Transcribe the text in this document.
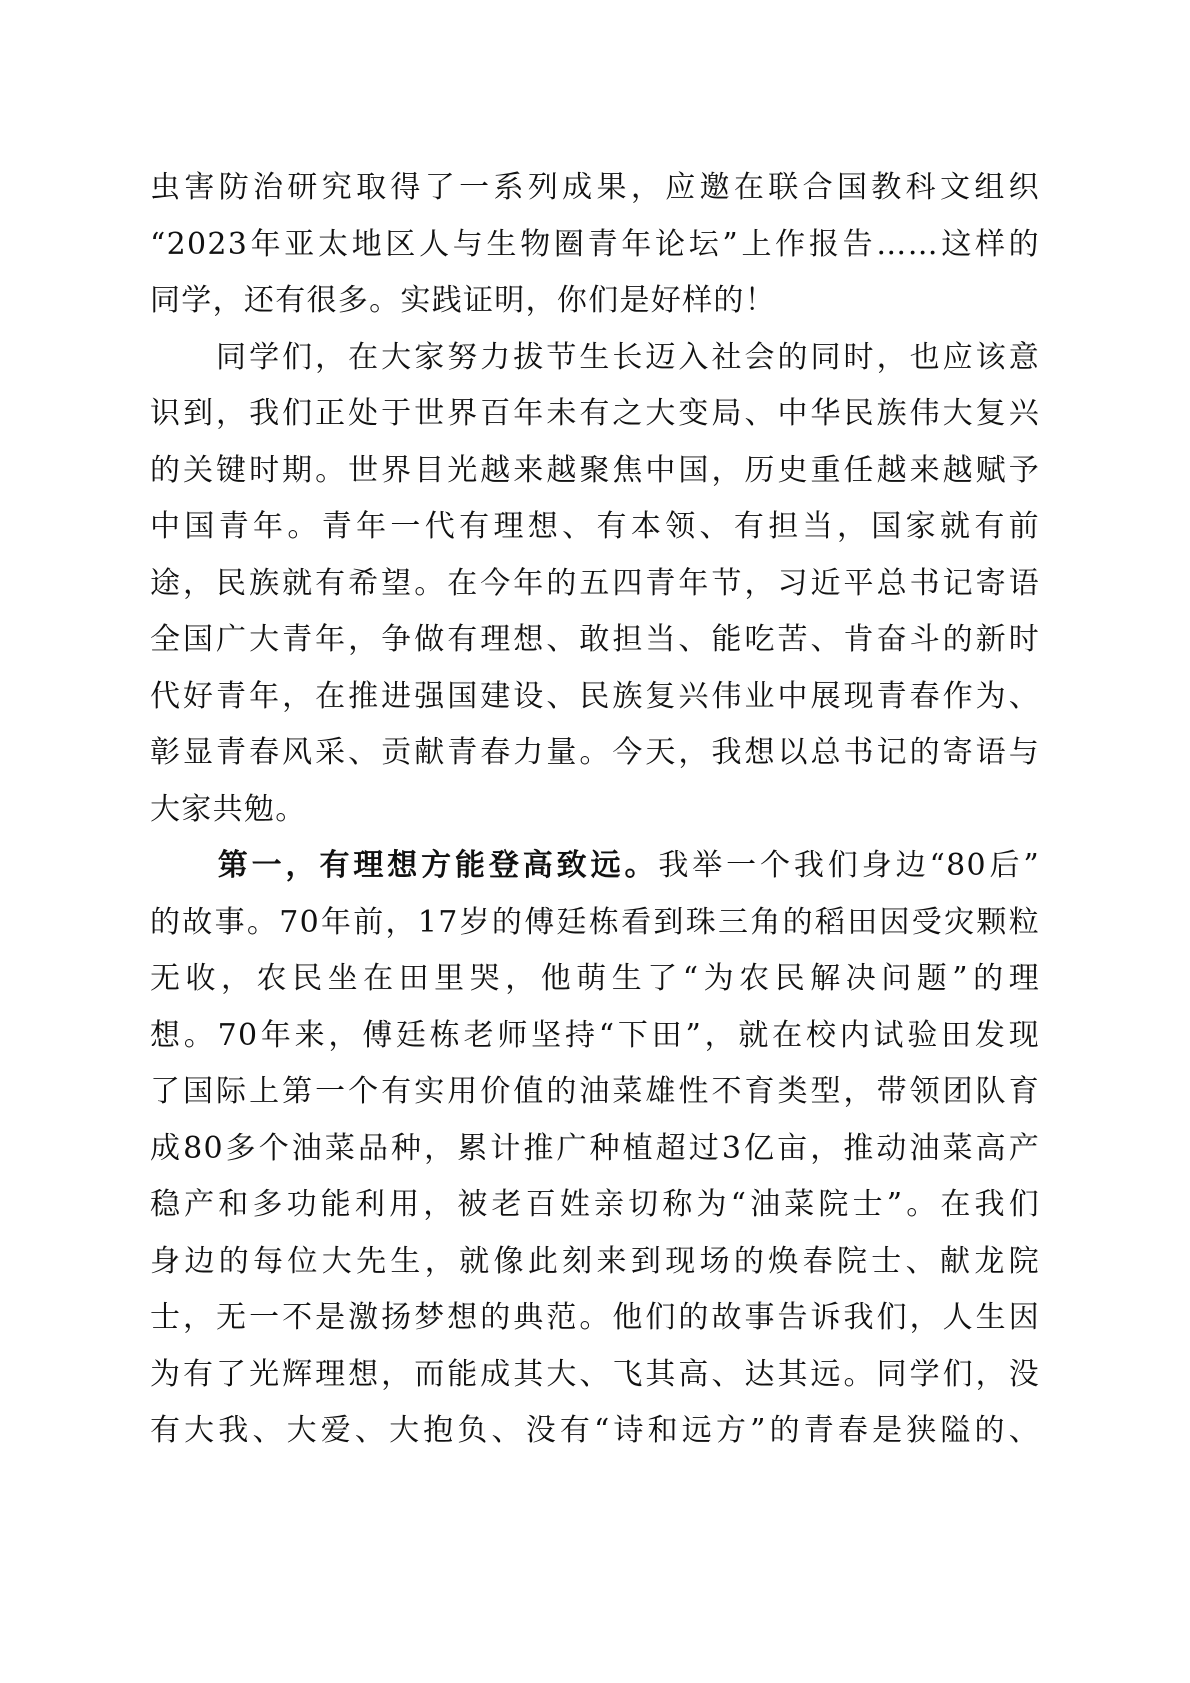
虫害防治研究取得了一系列成果，应邀在联合国教科文组织
“2023年亚太地区人与生物圈青年论坛”上作报告……这样的
同学，还有很多。实践证明，你们是好样的！
　　同学们，在大家努力拔节生长迈入社会的同时，也应该意
识到，我们正处于世界百年未有之大变局、中华民族伟大复兴
的关键时期。世界目光越来越聚焦中国，历史重任越来越赋予
中国青年。青年一代有理想、有本领、有担当，国家就有前
途，民族就有希望。在今年的五四青年节，习近平总书记寄语
全国广大青年，争做有理想、敢担当、能吃苦、肯奋斗的新时
代好青年，在推进强国建设、民族复兴伟业中展现青春作为、
彰显青春风采、贡献青春力量。今天，我想以总书记的寄语与
大家共勉。
　　第一，有理想方能登高致远。我举一个我们身边“80后”
的故事。70年前，17岁的傅廷栋看到珠三角的稻田因受灾颗粒
无收，农民坐在田里哭，他萌生了“为农民解决问题”的理
想。70年来，傅廷栋老师坚持“下田”，就在校内试验田发现
了国际上第一个有实用价值的油菜雄性不育类型，带领团队育
成80多个油菜品种，累计推广种植超过3亿亩，推动油菜高产
稳产和多功能利用，被老百姓亲切称为“油菜院士”。在我们
身边的每位大先生，就像此刻来到现场的焕春院士、献龙院
士，无一不是激扬梦想的典范。他们的故事告诉我们，人生因
为有了光辉理想，而能成其大、飞其高、达其远。同学们，没
有大我、大爱、大抱负、没有“诗和远方”的青春是狭隘的、
